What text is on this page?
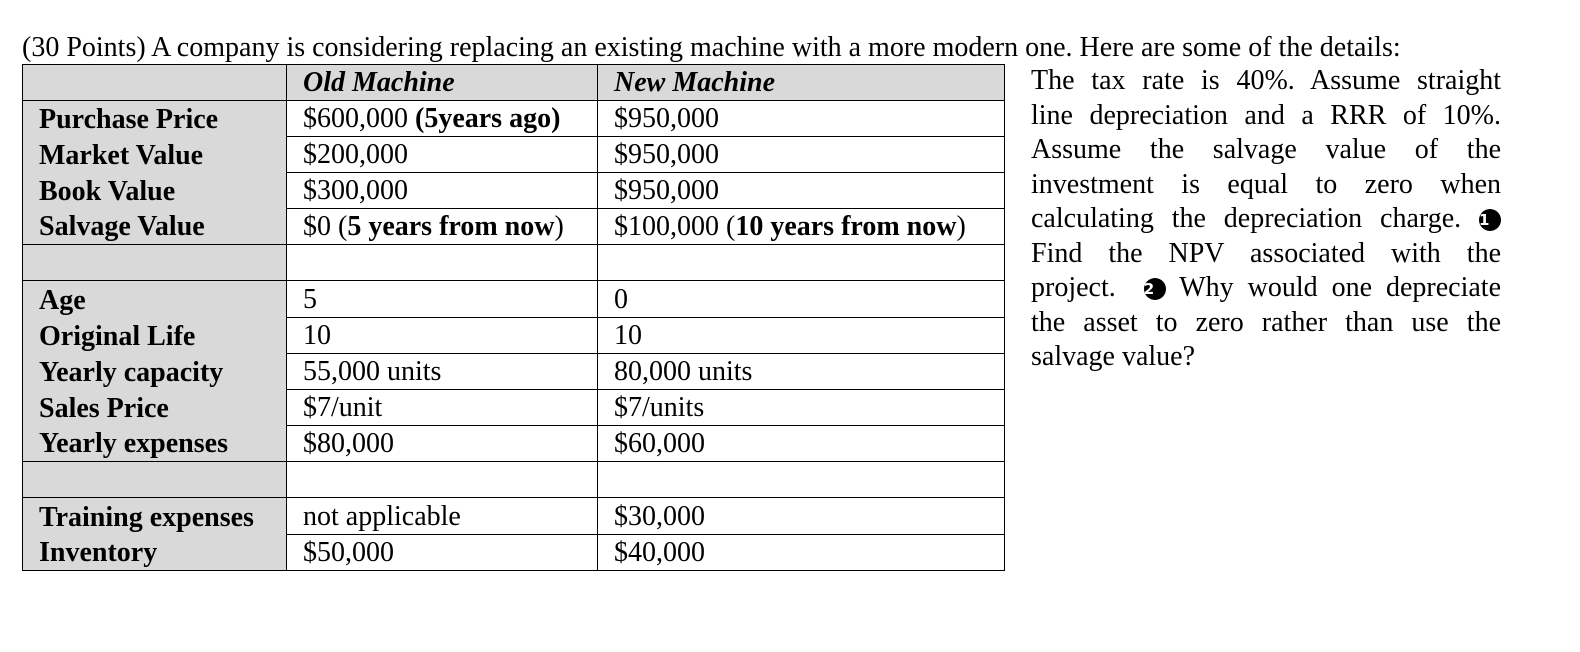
(30 Points) A company is considering replacing an existing machine with a more modern one. Here are some of the details:
	Old Machine	New Machine
Purchase Price	$600,000 (5years ago)	$950,000
Market Value	$200,000	$950,000
Book Value	$300,000	$950,000
Salvage Value	$0 (5 years from now)	$100,000 (10 years from now)

Age	5	0
Original Life	10	10
Yearly capacity	55,000 units	80,000 units
Sales Price	$7/unit	$7/units
Yearly expenses	$80,000	$60,000

Training expenses	not applicable	$30,000
Inventory	$50,000	$40,000
The tax rate is 40%. Assume straight
line depreciation and a RRR of 10%.
Assume the salvage value of the
investment is equal to zero when
calculating the depreciation charge. 1
Find the NPV associated with the
project. 2 Why would one depreciate
the asset to zero rather than use the
salvage value?
